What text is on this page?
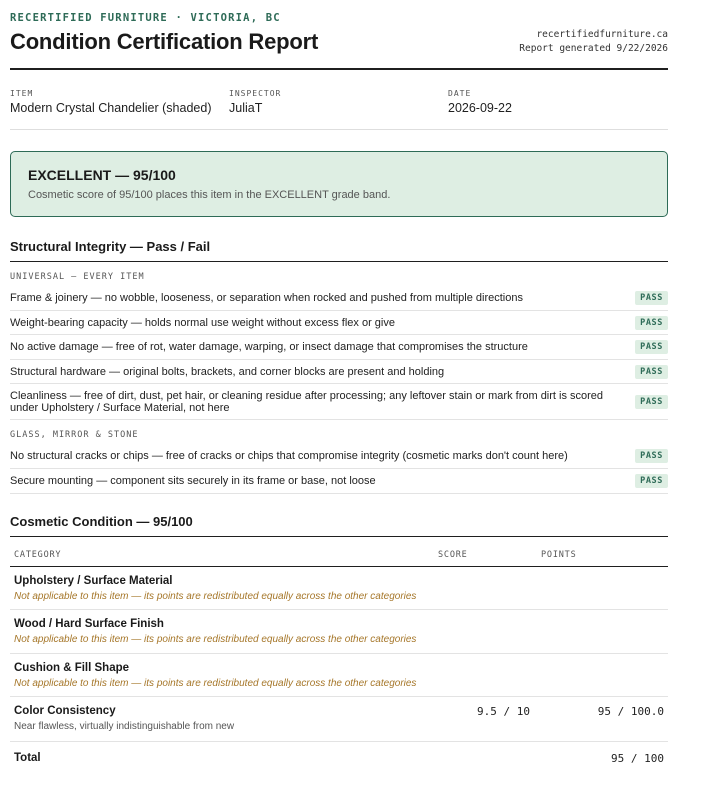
RECERTIFIED FURNITURE · VICTORIA, BC
Condition Certification Report	recertifiedfurniture.ca
Report generated 9/22/2026
ITEM
Modern Crystal Chandelier (shaded)
INSPECTOR
JuliaT
DATE
2026-09-22
EXCELLENT — 95/100
Cosmetic score of 95/100 places this item in the EXCELLENT grade band.
Structural Integrity — Pass / Fail
UNIVERSAL — EVERY ITEM
Frame & joinery — no wobble, looseness, or separation when rocked and pushed from multiple directions	PASS
Weight-bearing capacity — holds normal use weight without excess flex or give	PASS
No active damage — free of rot, water damage, warping, or insect damage that compromises the structure	PASS
Structural hardware — original bolts, brackets, and corner blocks are present and holding	PASS
Cleanliness — free of dirt, dust, pet hair, or cleaning residue after processing; any leftover stain or mark from dirt is scored under Upholstery / Surface Material, not here	PASS
GLASS, MIRROR & STONE
No structural cracks or chips — free of cracks or chips that compromise integrity (cosmetic marks don't count here)	PASS
Secure mounting — component sits securely in its frame or base, not loose	PASS
Cosmetic Condition — 95/100
CATEGORY	SCORE	POINTS
Upholstery / Surface Material
Not applicable to this item — its points are redistributed equally across the other categories
Wood / Hard Surface Finish
Not applicable to this item — its points are redistributed equally across the other categories
Cushion & Fill Shape
Not applicable to this item — its points are redistributed equally across the other categories
Color Consistency
Near flawless, virtually indistinguishable from new
9.5 / 10	95 / 100.0
Total	95 / 100
